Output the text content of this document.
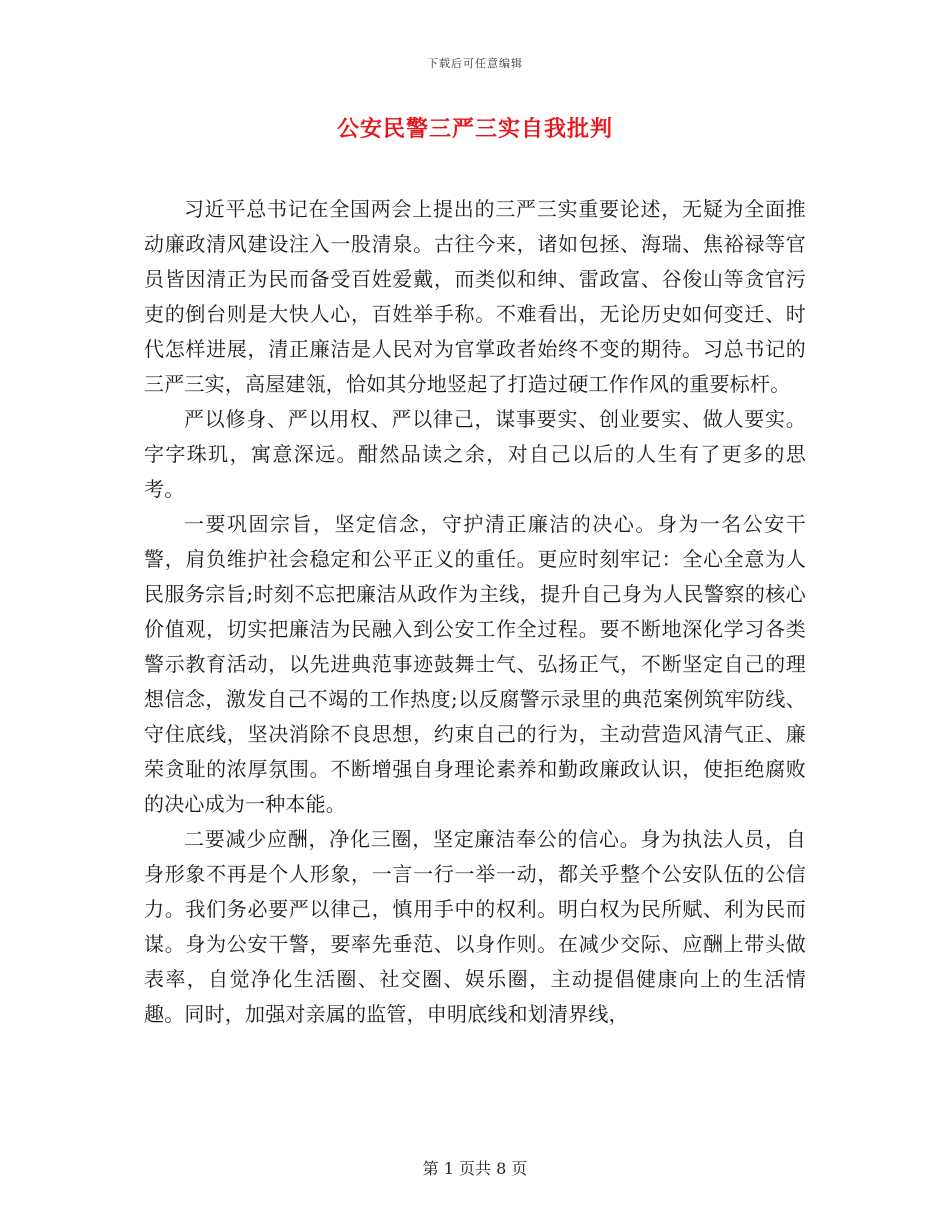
下载后可任意编辑
公安民警三严三实自我批判

习近平总书记在全国两会上提出的三严三实重要论述，无疑为全面推动廉政清风建设注入一股清泉。古往今来，诸如包拯、海瑞、焦裕禄等官员皆因清正为民而备受百姓爱戴，而类似和绅、雷政富、谷俊山等贪官污吏的倒台则是大快人心，百姓举手称。不难看出，无论历史如何变迁、时代怎样进展，清正廉洁是人民对为官掌政者始终不变的期待。习总书记的三严三实，高屋建瓴，恰如其分地竖起了打造过硬工作作风的重要标杆。

严以修身、严以用权、严以律己，谋事要实、创业要实、做人要实。字字珠玑，寓意深远。酣然品读之余，对自己以后的人生有了更多的思考。

一要巩固宗旨，坚定信念，守护清正廉洁的决心。身为一名公安干警，肩负维护社会稳定和公平正义的重任。更应时刻牢记：全心全意为人民服务宗旨;时刻不忘把廉洁从政作为主线，提升自己身为人民警察的核心价值观，切实把廉洁为民融入到公安工作全过程。要不断地深化学习各类警示教育活动，以先进典范事迹鼓舞士气、弘扬正气，不断坚定自己的理想信念，激发自己不竭的工作热度;以反腐警示录里的典范案例筑牢防线、守住底线，坚决消除不良思想，约束自己的行为，主动营造风清气正、廉荣贪耻的浓厚氛围。不断增强自身理论素养和勤政廉政认识，使拒绝腐败的决心成为一种本能。

二要减少应酬，净化三圈，坚定廉洁奉公的信心。身为执法人员，自身形象不再是个人形象，一言一行一举一动，都关乎整个公安队伍的公信力。我们务必要严以律己，慎用手中的权利。明白权为民所赋、利为民而谋。身为公安干警，要率先垂范、以身作则。在减少交际、应酬上带头做表率，自觉净化生活圈、社交圈、娱乐圈，主动提倡健康向上的生活情趣。同时，加强对亲属的监管，申明底线和划清界线，

第 1 页共 8 页
